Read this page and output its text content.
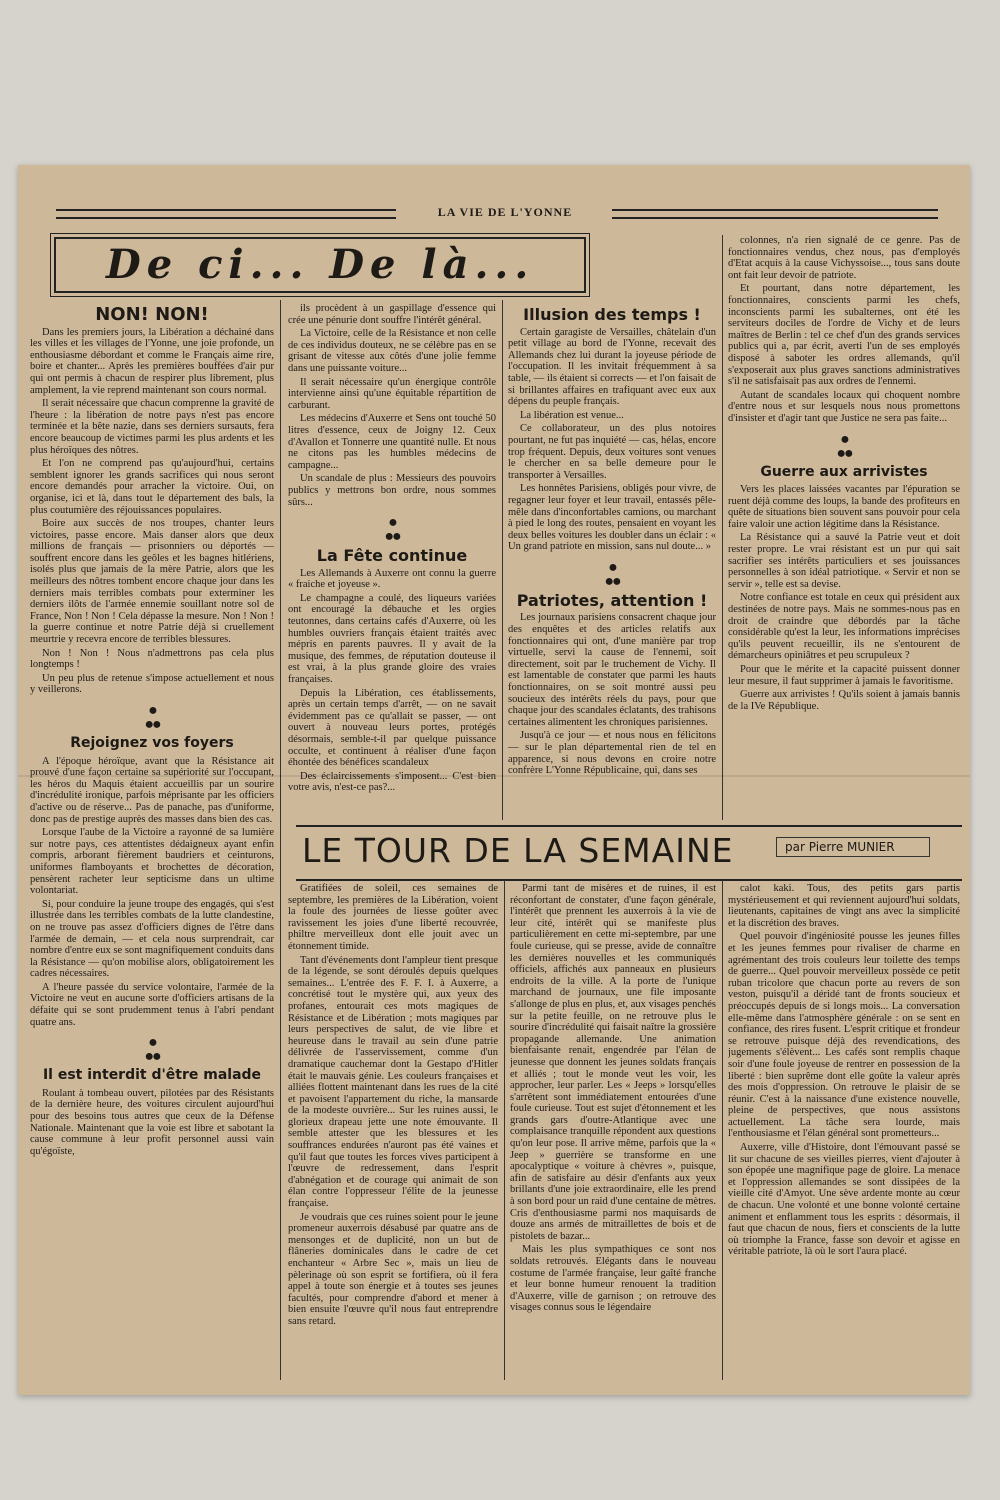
LA VIE DE L'YONNE
De ci... De là...
NON! NON!

Dans les premiers jours, la Libération a déchainé dans les villes et les villages de l'Yonne, une joie profonde, un enthousiasme débordant et comme le Français aime rire, boire et chanter... Après les premières bouffées d'air pur qui ont permis à chacun de respirer plus librement, plus amplement, la vie reprend maintenant son cours normal.

Il serait nécessaire que chacun comprenne la gravité de l'heure : la libération de notre pays n'est pas encore terminée et la bête nazie, dans ses derniers sursauts, fera encore beaucoup de victimes parmi les plus ardents et les plus héroïques des nôtres.

Et l'on ne comprend pas qu'aujourd'hui, certains semblent ignorer les grands sacrifices qui nous seront encore demandés pour arracher la victoire. Oui, on organise, ici et là, dans tout le département des bals, la plus coutumière des réjouissances populaires.

Boire aux succès de nos troupes, chanter leurs victoires, passe encore. Mais danser alors que deux millions de français — prisonniers ou déportés — souffrent encore dans les geôles et les bagnes hitlériens, isolés plus que jamais de la mère Patrie, alors que les meilleurs des nôtres tombent encore chaque jour dans les derniers mais terribles combats pour exterminer les derniers ilôts de l'armée ennemie souillant notre sol de France, Non ! Non ! Cela dépasse la mesure. Non ! Non ! la guerre continue et notre Patrie déjà si cruellement meurtrie y recevra encore de terribles blessures.

Non ! Non ! Nous n'admettrons pas cela plus longtemps !

Un peu plus de retenue s'impose actuellement et nous y veillerons.

●
●●
Rejoignez vos foyers

A l'époque héroïque, avant que la Résistance ait prouvé d'une façon certaine sa supériorité sur l'occupant, les héros du Maquis étaient accueillis par un sourire d'incrédulité ironique, parfois méprisante par les officiers d'active ou de réserve... Pas de panache, pas d'uniforme, donc pas de prestige auprès des masses dans bien des cas.

Lorsque l'aube de la Victoire a rayonné de sa lumière sur notre pays, ces attentistes dédaigneux ayant enfin compris, arborant fièrement baudriers et ceinturons, uniformes flamboyants et brochettes de décoration, pensèrent racheter leur septicisme dans un ultime volontariat.

Si, pour conduire la jeune troupe des engagés, qui s'est illustrée dans les terribles combats de la lutte clandestine, on ne trouve pas assez d'officiers dignes de l'être dans l'armée de demain, — et cela nous surprendrait, car nombre d'entre eux se sont magnifiquement conduits dans la Résistance — qu'on mobilise alors, obligatoirement les cadres nécessaires.

A l'heure passée du service volontaire, l'armée de la Victoire ne veut en aucune sorte d'officiers artisans de la défaite qui se sont prudemment tenus à l'abri pendant quatre ans.

●
●●
Il est interdit d'être malade

Roulant à tombeau ouvert, pilotées par des Résistants de la dernière heure, des voitures circulent aujourd'hui pour des besoins tous autres que ceux de la Défense Nationale. Maintenant que la voie est libre et sabotant la cause commune à leur profit personnel aussi vain qu'égoïste,

ils procèdent à un gaspillage d'essence qui crée une pénurie dont souffre l'intérêt général.

La Victoire, celle de la Résistance et non celle de ces individus douteux, ne se célèbre pas en se grisant de vitesse aux côtés d'une jolie femme dans une puissante voiture...

Il serait nécessaire qu'un énergique contrôle intervienne ainsi qu'une équitable répartition de carburant.

Les médecins d'Auxerre et Sens ont touché 50 litres d'essence, ceux de Joigny 12. Ceux d'Avallon et Tonnerre une quantité nulle. Et nous ne citons pas les humbles médecins de campagne...

Un scandale de plus : Messieurs des pouvoirs publics y mettrons bon ordre, nous sommes sûrs...

●
●●
La Fête continue

Les Allemands à Auxerre ont connu la guerre « fraiche et joyeuse ».

Le champagne a coulé, des liqueurs variées ont encouragé la débauche et les orgies teutonnes, dans certains cafés d'Auxerre, où les humbles ouvriers français étaient traités avec mépris en parents pauvres. Il y avait de la musique, des femmes, de réputation douteuse il est vrai, à la plus grande gloire des vraies françaises.

Depuis la Libération, ces établissements, après un certain temps d'arrêt, — on ne savait évidemment pas ce qu'allait se passer, — ont ouvert à nouveau leurs portes, protégés désormais, semble-t-il par quelque puissance occulte, et continuent à réaliser d'une façon éhontée des bénéfices scandaleux

Des éclaircissements s'imposent... C'est bien votre avis, n'est-ce pas?...

Illusion des temps !

Certain garagiste de Versailles, châtelain d'un petit village au bord de l'Yonne, recevait des Allemands chez lui durant la joyeuse période de l'occupation. Il les invitait fréquemment à sa table, — ils étaient si corrects — et l'on faisait de si brillantes affaires en trafiquant avec eux aux dépens du peuple français.

La libération est venue...

Ce collaborateur, un des plus notoires pourtant, ne fut pas inquiété — cas, hélas, encore trop fréquent. Depuis, deux voitures sont venues le chercher en sa belle demeure pour le transporter à Versailles.

Les honnêtes Parisiens, obligés pour vivre, de regagner leur foyer et leur travail, entassés pêle-mêle dans d'inconfortables camions, ou marchant à pied le long des routes, pensaient en voyant les deux belles voitures les doubler dans un éclair : « Un grand patriote en mission, sans nul doute... »

●
●●
Patriotes, attention !

Les journaux parisiens consacrent chaque jour des enquêtes et des articles relatifs aux fonctionnaires qui ont, d'une manière par trop virtuelle, servi la cause de l'ennemi, soit directement, soit par le truchement de Vichy. Il est lamentable de constater que parmi les hauts fonctionnaires, on se soit montré aussi peu soucieux des intérêts réels du pays, pour que chaque jour des scandales éclatants, des trahisons certaines alimentent les chroniques parisiennes.

Jusqu'à ce jour — et nous nous en félicitons — sur le plan départemental rien de tel en apparence, si nous devons en croire notre confrère L'Yonne Républicaine, qui, dans ses

colonnes, n'a rien signalé de ce genre. Pas de fonctionnaires vendus, chez nous, pas d'employés d'Etat acquis à la cause Vichyssoise..., tous sans doute ont fait leur devoir de patriote.

Et pourtant, dans notre département, les fonctionnaires, conscients parmi les chefs, inconscients parmi les subalternes, ont été les serviteurs dociles de l'ordre de Vichy et de leurs maîtres de Berlin : tel ce chef d'un des grands services publics qui a, par écrit, averti l'un de ses employés disposé à saboter les ordres allemands, qu'il s'exposerait aux plus graves sanctions administratives s'il ne satisfaisait pas aux ordres de l'ennemi.

Autant de scandales locaux qui choquent nombre d'entre nous et sur lesquels nous nous promettons d'insister et d'agir tant que Justice ne sera pas faite...

●
●●
Guerre aux arrivistes

Vers les places laissées vacantes par l'épuration se ruent déjà comme des loups, la bande des profiteurs en quête de situations bien souvent sans pouvoir pour cela faire valoir une action légitime dans la Résistance.

La Résistance qui a sauvé la Patrie veut et doit rester propre. Le vrai résistant est un pur qui sait sacrifier ses intérêts particuliers et ses jouissances personnelles à son idéal patriotique. « Servir et non se servir », telle est sa devise.

Notre confiance est totale en ceux qui président aux destinées de notre pays. Mais ne sommes-nous pas en droit de craindre que débordés par la tâche considérable qu'est la leur, les informations imprécises qu'ils peuvent recueillir, ils ne s'entourent de démarcheurs opiniâtres et peu scrupuleux ?

Pour que le mérite et la capacité puissent donner leur mesure, il faut supprimer à jamais le favoritisme.

Guerre aux arrivistes ! Qu'ils soient à jamais bannis de la IVe République.

LE TOUR DE LA SEMAINE	par Pierre MUNIER

Gratifiées de soleil, ces semaines de septembre, les premières de la Libération, voient la foule des journées de liesse goûter avec ravissement les joies d'une liberté recouvrée, philtre merveilleux dont elle jouit avec un étonnement timide.

Tant d'événements dont l'ampleur tient presque de la légende, se sont déroulés depuis quelques semaines... L'entrée des F. F. I. à Auxerre, a concrétisé tout le mystère qui, aux yeux des profanes, entourait ces mots magiques de Résistance et de Libération ; mots magiques par leurs perspectives de salut, de vie libre et heureuse dans le travail au sein d'une patrie délivrée de l'asservissement, comme d'un dramatique cauchemar dont la Gestapo d'Hitler était le mauvais génie. Les couleurs françaises et alliées flottent maintenant dans les rues de la cité et pavoisent l'appartement du riche, la mansarde de la modeste ouvrière... Sur les ruines aussi, le glorieux drapeau jette une note émouvante. Il semble attester que les blessures et les souffrances endurées n'auront pas été vaines et qu'il faut que toutes les forces vives participent à l'œuvre de redressement, dans l'esprit d'abnégation et de courage qui animait de son élan contre l'oppresseur l'élite de la jeunesse française.

Je voudrais que ces ruines soient pour le jeune promeneur auxerrois désabusé par quatre ans de mensonges et de duplicité, non un but de flâneries dominicales dans le cadre de cet enchanteur « Arbre Sec », mais un lieu de pèlerinage où son esprit se fortifiera, où il fera appel à toute son énergie et à toutes ses jeunes facultés, pour comprendre d'abord et mener à bien ensuite l'œuvre qu'il nous faut entreprendre sans retard.

Parmi tant de misères et de ruines, il est réconfortant de constater, d'une façon générale, l'intérêt que prennent les auxerrois à la vie de leur cité, intérêt qui se manifeste plus particulièrement en cette mi-septembre, par une foule curieuse, qui se presse, avide de connaître les dernières nouvelles et les communiqués officiels, affichés aux panneaux en plusieurs endroits de la ville. A la porte de l'unique marchand de journaux, une file imposante s'allonge de plus en plus, et, aux visages penchés sur la petite feuille, on ne retrouve plus le sourire d'incrédulité qui faisait naître la grossière propagande allemande. Une animation bienfaisante renait, engendrée par l'élan de jeunesse que donnent les jeunes soldats français et alliés ; tout le monde veut les voir, les approcher, leur parler. Les « Jeeps » lorsqu'elles s'arrêtent sont immédiatement entourées d'une foule curieuse. Tout est sujet d'étonnement et les grands gars d'outre-Atlantique avec une complaisance tranquille répondent aux questions qu'on leur pose. Il arrive même, parfois que la « Jeep » guerrière se transforme en une apocalyptique « voiture à chèvres », puisque, afin de satisfaire au désir d'enfants aux yeux brillants d'une joie extraordinaire, elle les prend à son bord pour un raid d'une centaine de mètres. Cris d'enthousiasme parmi nos maquisards de douze ans armés de mitraillettes de bois et de pistolets de bazar...

Mais les plus sympathiques ce sont nos soldats retrouvés. Elégants dans le nouveau costume de l'armée française, leur gaîté franche et leur bonne humeur renouent la tradition d'Auxerre, ville de garnison ; on retrouve des visages connus sous le légendaire

calot kaki. Tous, des petits gars partis mystérieusement et qui reviennent aujourd'hui soldats, lieutenants, capitaines de vingt ans avec la simplicité et la discrétion des braves.

Quel pouvoir d'ingéniosité pousse les jeunes filles et les jeunes femmes pour rivaliser de charme en agrémentant des trois couleurs leur toilette des temps de guerre... Quel pouvoir merveilleux possède ce petit ruban tricolore que chacun porte au revers de son veston, puisqu'il a déridé tant de fronts soucieux et préoccupés depuis de si longs mois... La conversation elle-même dans l'atmosphère générale : on se sent en confiance, des rires fusent. L'esprit critique et frondeur se retrouve puisque déjà des revendications, des jugements s'élèvent... Les cafés sont remplis chaque soir d'une foule joyeuse de rentrer en possession de la liberté : bien suprême dont elle goûte la valeur après des mois d'oppression. On retrouve le plaisir de se réunir. C'est à la naissance d'une existence nouvelle, pleine de perspectives, que nous assistons actuellement. La tâche sera lourde, mais l'enthousiasme et l'élan général sont prometteurs...

Auxerre, ville d'Histoire, dont l'émouvant passé se lit sur chacune de ses vieilles pierres, vient d'ajouter à son épopée une magnifique page de gloire. La menace et l'oppression allemandes se sont dissipées de la vieille cité d'Amyot. Une sève ardente monte au cœur de chacun. Une volonté et une bonne volonté certaine animent et enflamment tous les esprits : désormais, il faut que chacun de nous, fiers et conscients de la lutte où triomphe la France, fasse son devoir et agisse en véritable patriote, là où le sort l'aura placé.
